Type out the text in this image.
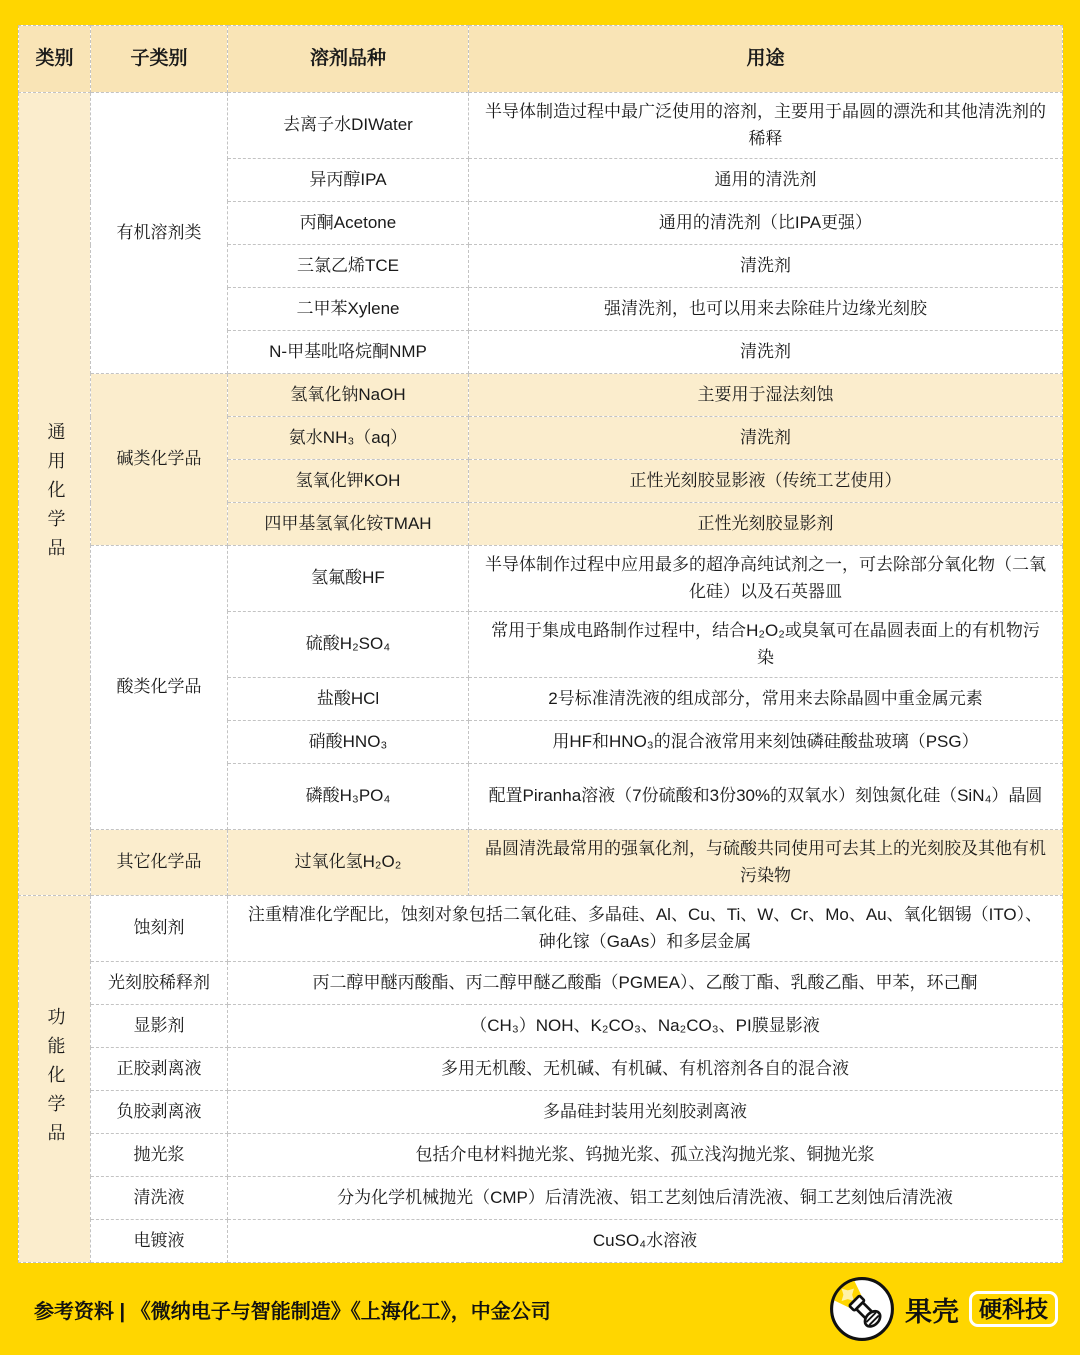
类别	子类别	溶剂品种	用途

通用化学品	有机溶剂类	去离子水DIWater	半导体制造过程中最广泛使用的溶剂，主要用于晶圆的漂洗和其他清洗剂的稀释
		异丙醇IPA	通用的清洗剂
		丙酮Acetone	通用的清洗剂（比IPA更强）
		三氯乙烯TCE	清洗剂
		二甲苯Xylene	强清洗剂，也可以用来去除硅片边缘光刻胶
		N-甲基吡咯烷酮NMP	清洗剂
	碱类化学品	氢氧化钠NaOH	主要用于湿法刻蚀
		氨水NH₃（aq）	清洗剂
		氢氧化钾KOH	正性光刻胶显影液（传统工艺使用）
		四甲基氢氧化铵TMAH	正性光刻胶显影剂
	酸类化学品	氢氟酸HF	半导体制作过程中应用最多的超净高纯试剂之一，可去除部分氧化物（二氧化硅）以及石英器皿
		硫酸H₂SO₄	常用于集成电路制作过程中，结合H₂O₂或臭氧可在晶圆表面上的有机物污染
		盐酸HCl	2号标准清洗液的组成部分，常用来去除晶圆中重金属元素
		硝酸HNO₃	用HF和HNO₃的混合液常用来刻蚀磷硅酸盐玻璃（PSG）
		磷酸H₃PO₄	配置Piranha溶液（7份硫酸和3份30%的双氧水）刻蚀氮化硅（SiN₄）晶圆
	其它化学品	过氧化氢H₂O₂	晶圆清洗最常用的强氧化剂，与硫酸共同使用可去其上的光刻胶及其他有机污染物

功能化学品	蚀刻剂	注重精准化学配比，蚀刻对象包括二氧化硅、多晶硅、Al、Cu、Ti、W、Cr、Mo、Au、氧化铟锡（ITO）、砷化镓（GaAs）和多层金属	
	光刻胶稀释剂	丙二醇甲醚丙酸酯、丙二醇甲醚乙酸酯（PGMEA）、乙酸丁酯、乳酸乙酯、甲苯，环己酮	
	显影剂	（CH₃）NOH、K₂CO₃、Na₂CO₃、PI膜显影液	
	正胶剥离液	多用无机酸、无机碱、有机碱、有机溶剂各自的混合液	
	负胶剥离液	多晶硅封装用光刻胶剥离液	
	抛光浆	包括介电材料抛光浆、钨抛光浆、孤立浅沟抛光浆、铜抛光浆	
	清洗液	分为化学机械抛光（CMP）后清洗液、铝工艺刻蚀后清洗液、铜工艺刻蚀后清洗液	
	电镀液	CuSO₄水溶液	
参考资料 | 《微纳电子与智能制造》《上海化工》，中金公司	果壳 硬科技
